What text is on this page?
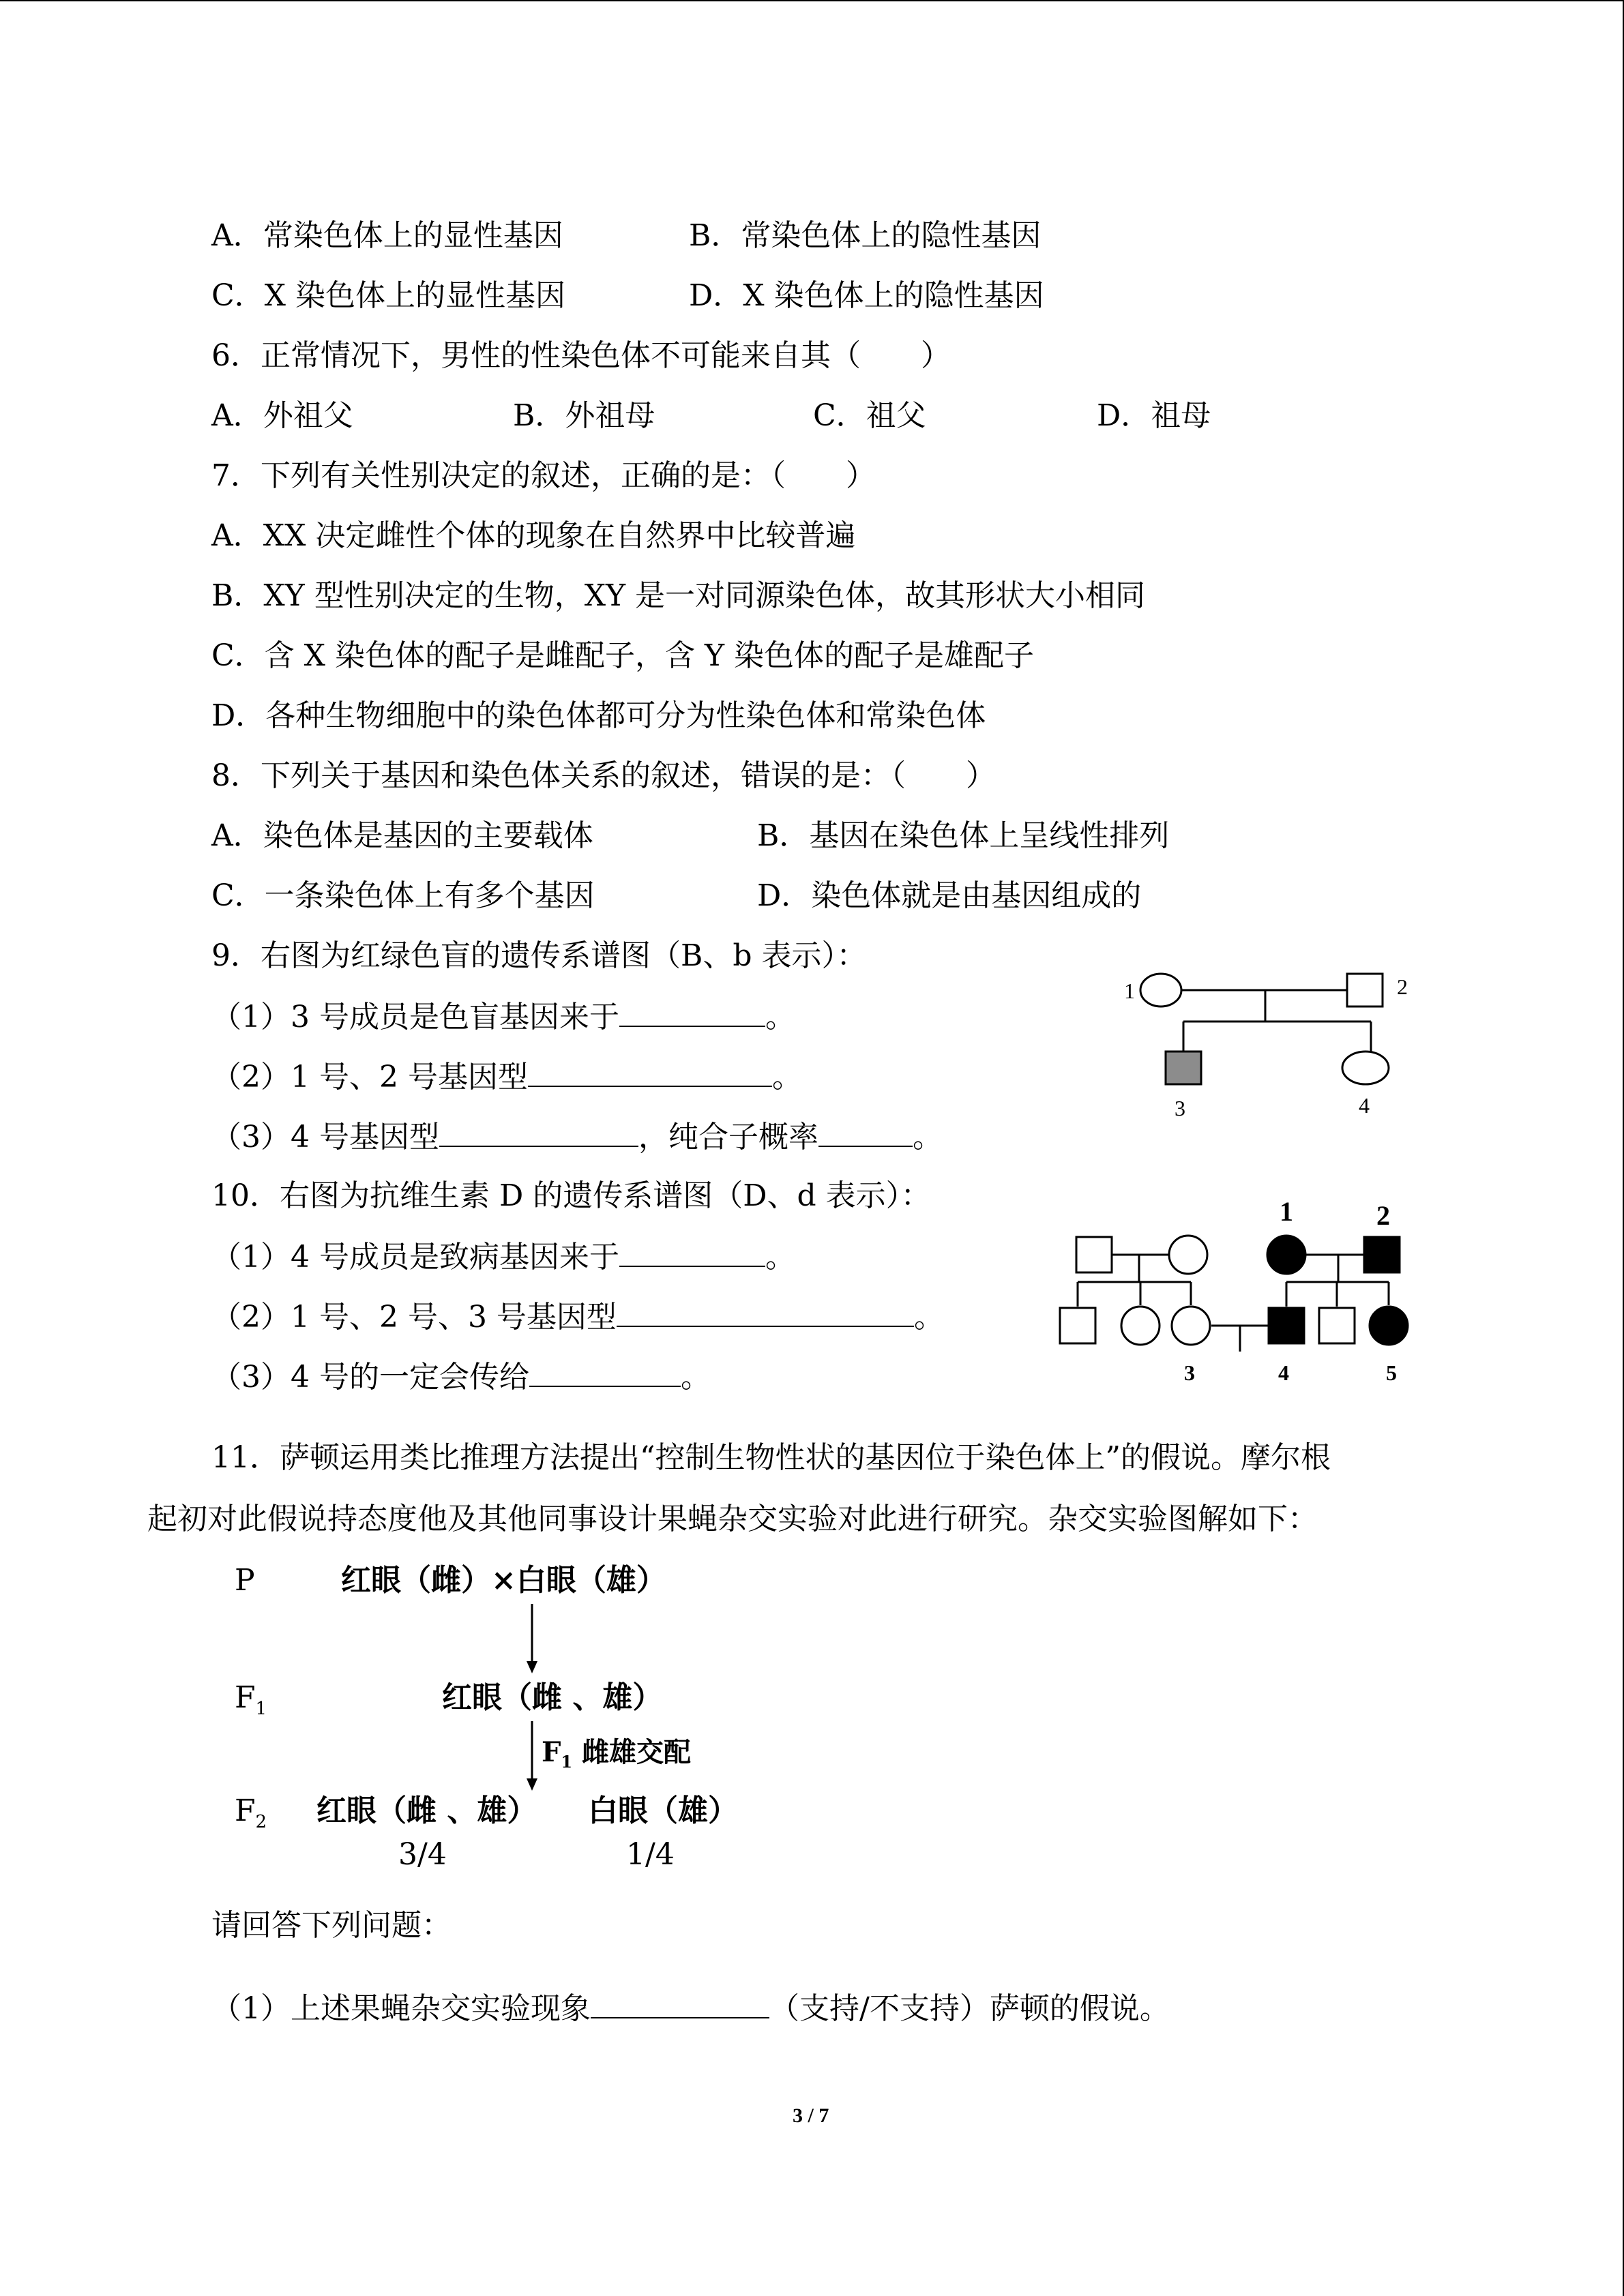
A．常染色体上的显性基因	B．常染色体上的隐性基因
C．X 染色体上的显性基因	D．X 染色体上的隐性基因
6．正常情况下，男性的性染色体不可能来自其（　　）
A．外祖父	B．外祖母	C．祖父	D．祖母
7．下列有关性别决定的叙述，正确的是：（　　）
A．XX 决定雌性个体的现象在自然界中比较普遍
B．XY 型性别决定的生物，XY 是一对同源染色体，故其形状大小相同
C．含 X 染色体的配子是雌配子，含 Y 染色体的配子是雄配子
D．各种生物细胞中的染色体都可分为性染色体和常染色体
8．下列关于基因和染色体关系的叙述，错误的是：（　　）
A．染色体是基因的主要载体	B．基因在染色体上呈线性排列
C．一条染色体上有多个基因	D．染色体就是由基因组成的
9．右图为红绿色盲的遗传系谱图（B、b 表示）：
（1）3 号成员是色盲基因来于	。
（2）1 号、2 号基因型	。
（3）4 号基因型	，纯合子概率	。
1	2
3	4
10．右图为抗维生素 D 的遗传系谱图（D、d 表示）：
（1）4 号成员是致病基因来于	。
（2）1 号、2 号、3 号基因型	。
（3）4 号的一定会传给	。
1	2
3	4	5
11．萨顿运用类比推理方法提出“控制生物性状的基因位于染色体上”的假说。摩尔根
起初对此假说持态度他及其他同事设计果蝇杂交实验对此进行研究。杂交实验图解如下：
P	红眼（雌）×白眼（雄）
$F_1$	红眼（雌 、雄）
$F_1$ 雌雄交配
$F_2$ 红眼（雌 、雄） 白眼（雄）
3/4	1/4
请回答下列问题：
（1）上述果蝇杂交实验现象	（支持/不支持）萨顿的假说。
3 / 7
